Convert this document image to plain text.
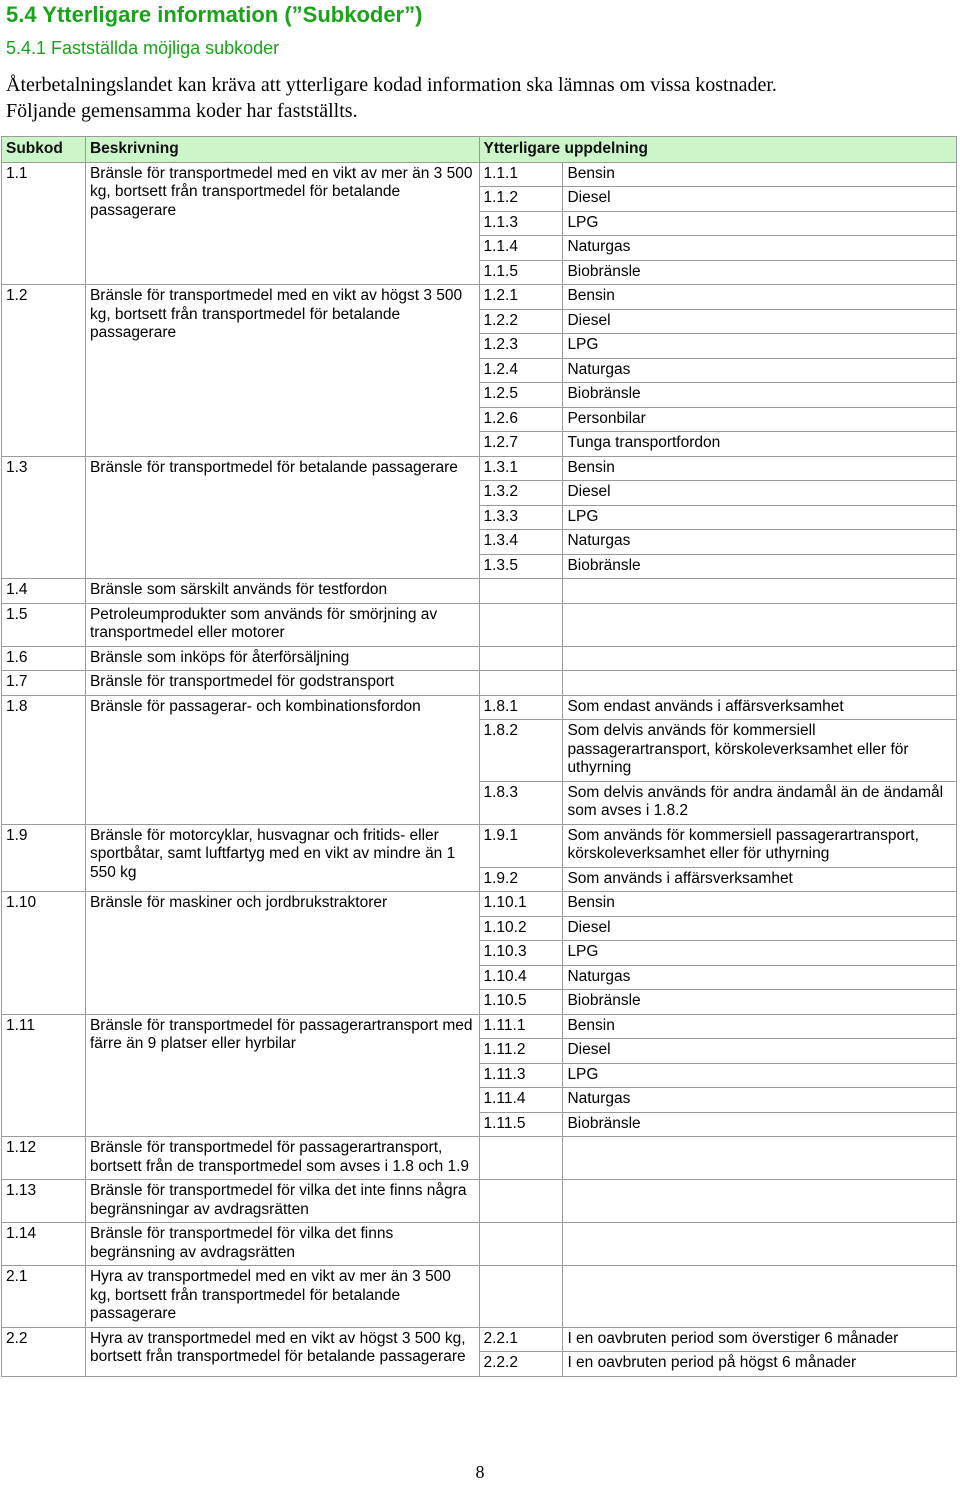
5.4 Ytterligare information (”Subkoder”)
5.4.1 Fastställda möjliga subkoder
Återbetalningslandet kan kräva att ytterligare kodad information ska lämnas om vissa kostnader.
Följande gemensamma koder har fastställts.
Subkod	Beskrivning	Ytterligare uppdelning	
1.1	Bränsle för transportmedel med en vikt av mer än 3 500 kg, bortsett från transportmedel för betalande passagerare	1.1.1	Bensin
		1.1.2	Diesel
		1.1.3	LPG
		1.1.4	Naturgas
		1.1.5	Biobränsle
1.2	Bränsle för transportmedel med en vikt av högst 3 500 kg, bortsett från transportmedel för betalande passagerare	1.2.1	Bensin
		1.2.2	Diesel
		1.2.3	LPG
		1.2.4	Naturgas
		1.2.5	Biobränsle
		1.2.6	Personbilar
		1.2.7	Tunga transportfordon
1.3	Bränsle för transportmedel för betalande passagerare	1.3.1	Bensin
		1.3.2	Diesel
		1.3.3	LPG
		1.3.4	Naturgas
		1.3.5	Biobränsle
1.4	Bränsle som särskilt används för testfordon		
1.5	Petroleumprodukter som används för smörjning av transportmedel eller motorer		
1.6	Bränsle som inköps för återförsäljning		
1.7	Bränsle för transportmedel för godstransport		
1.8	Bränsle för passagerar- och kombinationsfordon	1.8.1	Som endast används i affärsverksamhet
		1.8.2	Som delvis används för kommersiell passagerartransport, körskoleverksamhet eller för uthyrning
		1.8.3	Som delvis används för andra ändamål än de ändamål som avses i 1.8.2
1.9	Bränsle för motorcyklar, husvagnar och fritids- eller sportbåtar, samt luftfartyg med en vikt av mindre än 1 550 kg	1.9.1	Som används för kommersiell passagerartransport, körskoleverksamhet eller för uthyrning
		1.9.2	Som används i affärsverksamhet
1.10	Bränsle för maskiner och jordbrukstraktorer	1.10.1	Bensin
		1.10.2	Diesel
		1.10.3	LPG
		1.10.4	Naturgas
		1.10.5	Biobränsle
1.11	Bränsle för transportmedel för passagerartransport med färre än 9 platser eller hyrbilar	1.11.1	Bensin
		1.11.2	Diesel
		1.11.3	LPG
		1.11.4	Naturgas
		1.11.5	Biobränsle
1.12	Bränsle för transportmedel för passagerartransport, bortsett från de transportmedel som avses i 1.8 och 1.9		
1.13	Bränsle för transportmedel för vilka det inte finns några begränsningar av avdragsrätten		
1.14	Bränsle för transportmedel för vilka det finns begränsning av avdragsrätten		
2.1	Hyra av transportmedel med en vikt av mer än 3 500 kg, bortsett från transportmedel för betalande passagerare		
2.2	Hyra av transportmedel med en vikt av högst 3 500 kg, bortsett från transportmedel för betalande passagerare	2.2.1	I en oavbruten period som överstiger 6 månader
		2.2.2	I en oavbruten period på högst 6 månader
8
